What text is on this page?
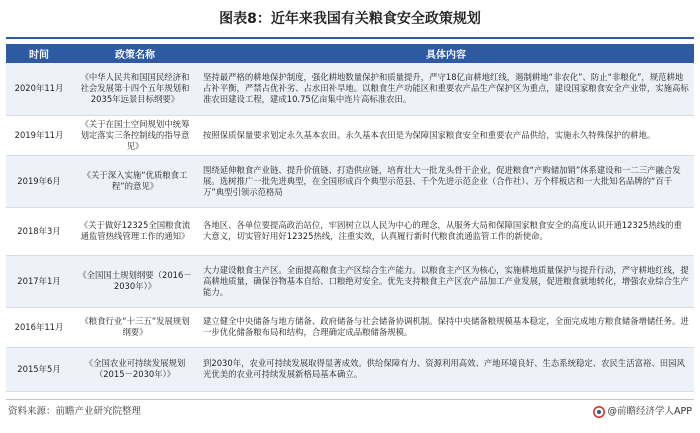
图表8：近年来我国有关粮食安全政策规划
时间	政策名称	具体内容
2020年11月	《中华人民共和国国民经济和社会发展第十四个五年规划和2035年远景目标纲要》	坚持最严格的耕地保护制度，强化耕地数量保护和质量提升，严守18亿亩耕地红线，遏制耕地“非农化”、防止“非粮化”，规范耕地占补平衡，严禁占优补劣、占水田补旱地。以粮食生产功能区和重要农产品生产保护区为重点，建设国家粮食安全产业带，实施高标准农田建设工程，建成10.75亿亩集中连片高标准农田。
2019年11月	《关于在国土空间规划中统筹划定落实三条控制线的指导意见》	按照保质保量要求划定永久基本农田。永久基本农田是为保障国家粮食安全和重要农产品供给，实施永久特殊保护的耕地。
2019年6月	《关于深入实施“优质粮食工程”的意见》	围绕延伸粮食产业链、提升价值链、打造供应链，培育壮大一批龙头骨干企业，促进粮食“产购储加销”体系建设和一二三产融合发展。选树推广一批先进典型，在全国形成百个典型示范县、千个先进示范企业（合作社）、万个样板店和一大批知名品牌的“百千万”典型引领示范格局
2018年3月	《关于做好12325全国粮食流通监管热线管理工作的通知》	各地区、各单位要提高政治站位，牢固树立以人民为中心的理念，从服务大局和保障国家粮食安全的高度认识开通12325热线的重大意义，切实管好用好12325热线，注重实效，认真履行新时代粮食流通监管工作的新使命。
2017年1月	《全国国土规划纲要（2016－2030年）》	大力建设粮食主产区。全面提高粮食主产区综合生产能力。以粮食主产区为核心，实施耕地质量保护与提升行动，严守耕地红线，提高耕地质量，确保谷物基本自给、口粮绝对安全。优先支持粮食主产区农产品加工产业发展，促进粮食就地转化，增强农业综合生产能力。
2016年11月	《粮食行业“十三五”发展规划纲要》	建立健全中央储备与地方储备、政府储备与社会储备协调机制。保持中央储备粮规模基本稳定，全面完成地方粮食储备增储任务。进一步优化储备粮布局和结构，合理确定成品粮储备规模。
2015年5月	《全国农业可持续发展规划（2015－2030年）》	到2030年，农业可持续发展取得显著成效。供给保障有力、资源利用高效、产地环境良好、生态系统稳定、农民生活富裕、田园风光优美的农业可持续发展新格局基本确立。
资料来源：前瞻产业研究院整理	@前瞻经济学人APP
